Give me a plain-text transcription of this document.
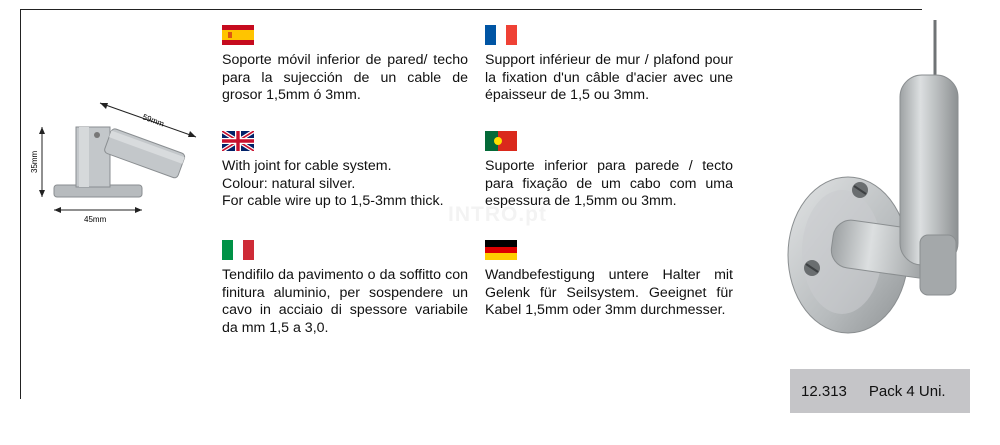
59mm
35mm
45mm

Soporte móvil inferior de pared/ techo para la sujección de un cable de grosor 1,5mm ó 3mm.

With joint for cable system.

Colour: natural silver.

For cable wire up to 1,5-3mm thick.

Tendifilo da pavimento o da soffitto con finitura aluminio, per sospendere un cavo in acciaio di spessore variabile da mm 1,5 a 3,0.

Support inférieur de mur / plafond pour la fixation d'un câble d'acier avec une épaisseur de 1,5 ou 3mm.

Suporte inferior para parede / tecto para fixação de um cabo com uma espessura de 1,5mm ou 3mm.

Wandbefestigung untere Halter mit Gelenk für Seilsystem. Geeignet für Kabel 1,5mm oder 3mm durchmesser.

INTRO.pt
12.313 Pack 4 Uni.
